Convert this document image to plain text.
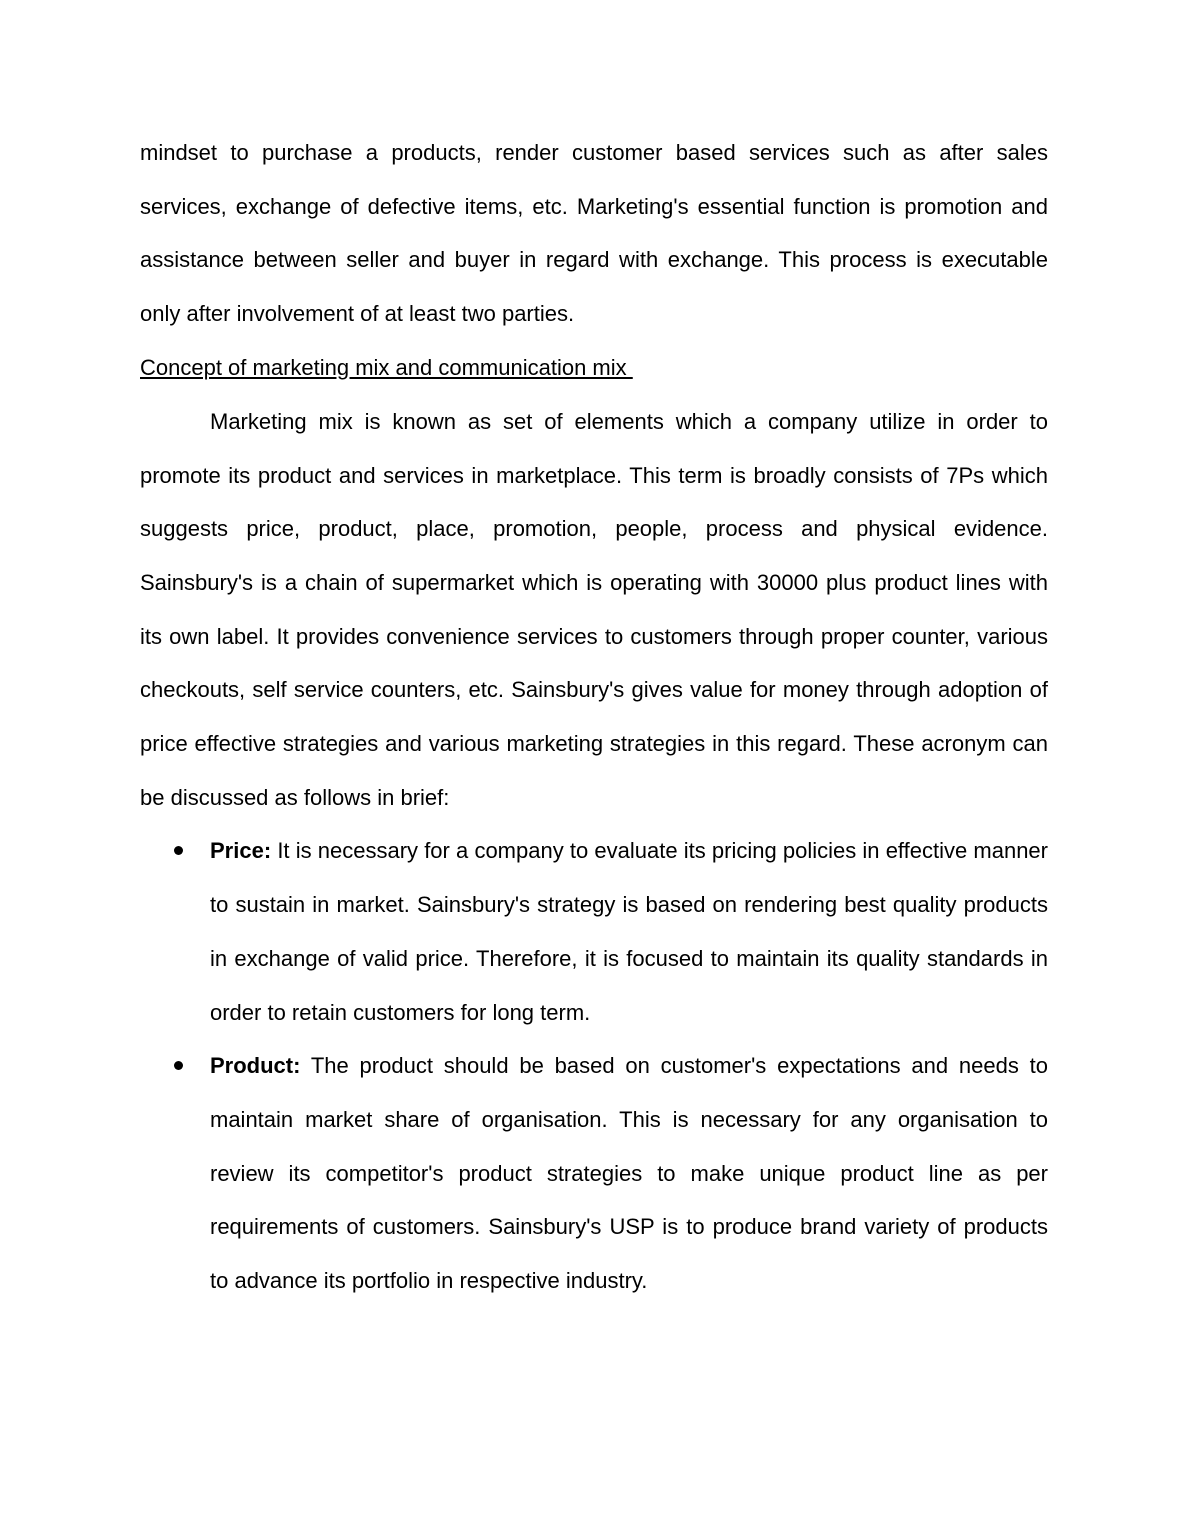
mindset to purchase a products, render customer based services such as after sales services, exchange of defective items, etc. Marketing's essential function is promotion and assistance between seller and buyer in regard with exchange. This process is executable only after involvement of at least two parties.

Concept of marketing mix and communication mix

Marketing mix is known as set of elements which a company utilize in order to promote its product and services in marketplace. This term is broadly consists of 7Ps which suggests price, product, place, promotion, people, process and physical evidence. Sainsbury's is a chain of supermarket which is operating with 30000 plus product lines with its own label. It provides convenience services to customers through proper counter, various checkouts, self service counters, etc. Sainsbury's gives value for money through adoption of price effective strategies and various marketing strategies in this regard. These acronym can be discussed as follows in brief:

Price: It is necessary for a company to evaluate its pricing policies in effective manner to sustain in market. Sainsbury's strategy is based on rendering best quality products in exchange of valid price. Therefore, it is focused to maintain its quality standards in order to retain customers for long term.

Product: The product should be based on customer's expectations and needs to maintain market share of organisation. This is necessary for any organisation to review its competitor's product strategies to make unique product line as per requirements of customers. Sainsbury's USP is to produce brand variety of products to advance its portfolio in respective industry.
